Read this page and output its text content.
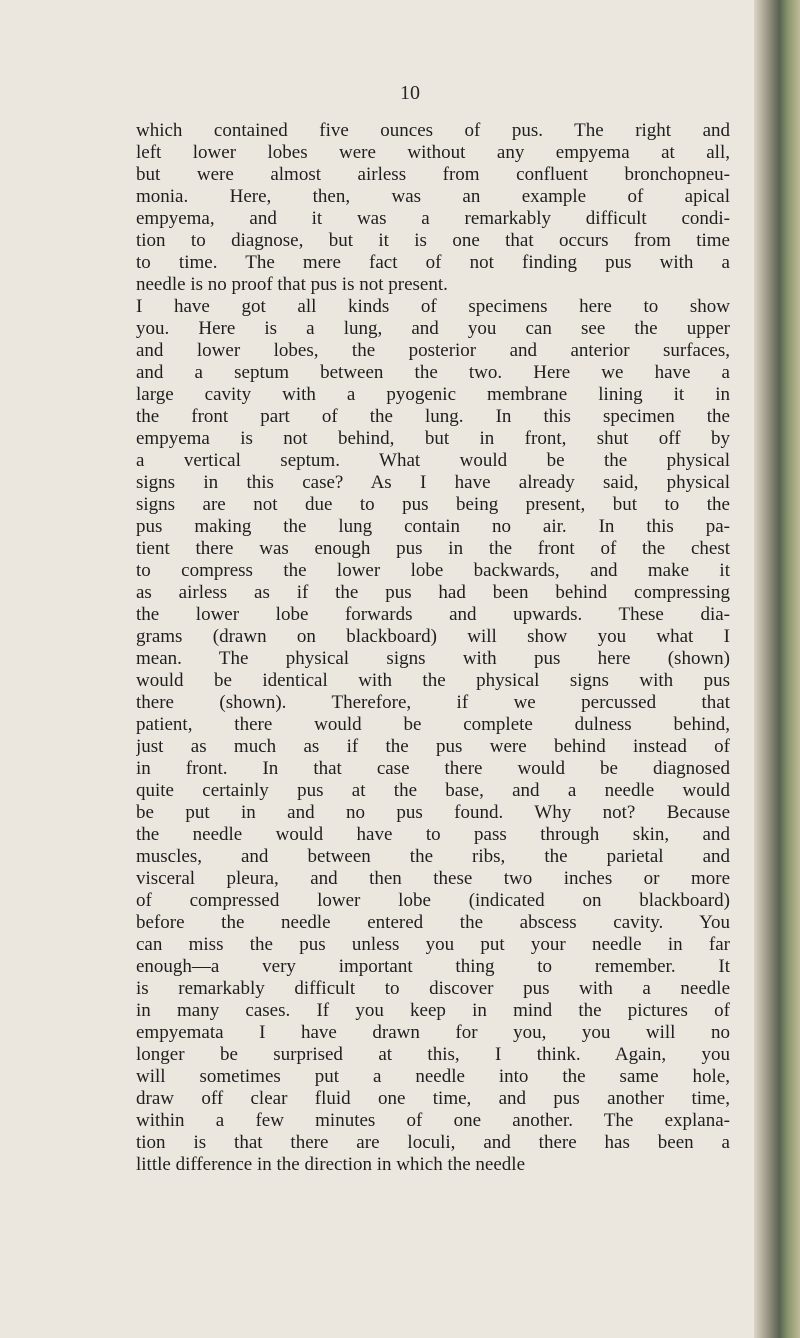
10
which contained five ounces of pus. The right and
left lower lobes were without any empyema at all,
but were almost airless from confluent bronchopneu-
monia. Here, then, was an example of apical
empyema, and it was a remarkably difficult condi-
tion to diagnose, but it is one that occurs from time
to time. The mere fact of not finding pus with a
needle is no proof that pus is not present.
I have got all kinds of specimens here to show
you. Here is a lung, and you can see the upper
and lower lobes, the posterior and anterior surfaces,
and a septum between the two. Here we have a
large cavity with a pyogenic membrane lining it in
the front part of the lung. In this specimen the
empyema is not behind, but in front, shut off by
a vertical septum. What would be the physical
signs in this case? As I have already said, physical
signs are not due to pus being present, but to the
pus making the lung contain no air. In this pa-
tient there was enough pus in the front of the chest
to compress the lower lobe backwards, and make it
as airless as if the pus had been behind compressing
the lower lobe forwards and upwards. These dia-
grams (drawn on blackboard) will show you what I
mean. The physical signs with pus here (shown)
would be identical with the physical signs with pus
there (shown). Therefore, if we percussed that
patient, there would be complete dulness behind,
just as much as if the pus were behind instead of
in front. In that case there would be diagnosed
quite certainly pus at the base, and a needle would
be put in and no pus found. Why not? Because
the needle would have to pass through skin, and
muscles, and between the ribs, the parietal and
visceral pleura, and then these two inches or more
of compressed lower lobe (indicated on blackboard)
before the needle entered the abscess cavity. You
can miss the pus unless you put your needle in far
enough—a very important thing to remember. It
is remarkably difficult to discover pus with a needle
in many cases. If you keep in mind the pictures of
empyemata I have drawn for you, you will no
longer be surprised at this, I think. Again, you
will sometimes put a needle into the same hole,
draw off clear fluid one time, and pus another time,
within a few minutes of one another. The explana-
tion is that there are loculi, and there has been a
little difference in the direction in which the needle
